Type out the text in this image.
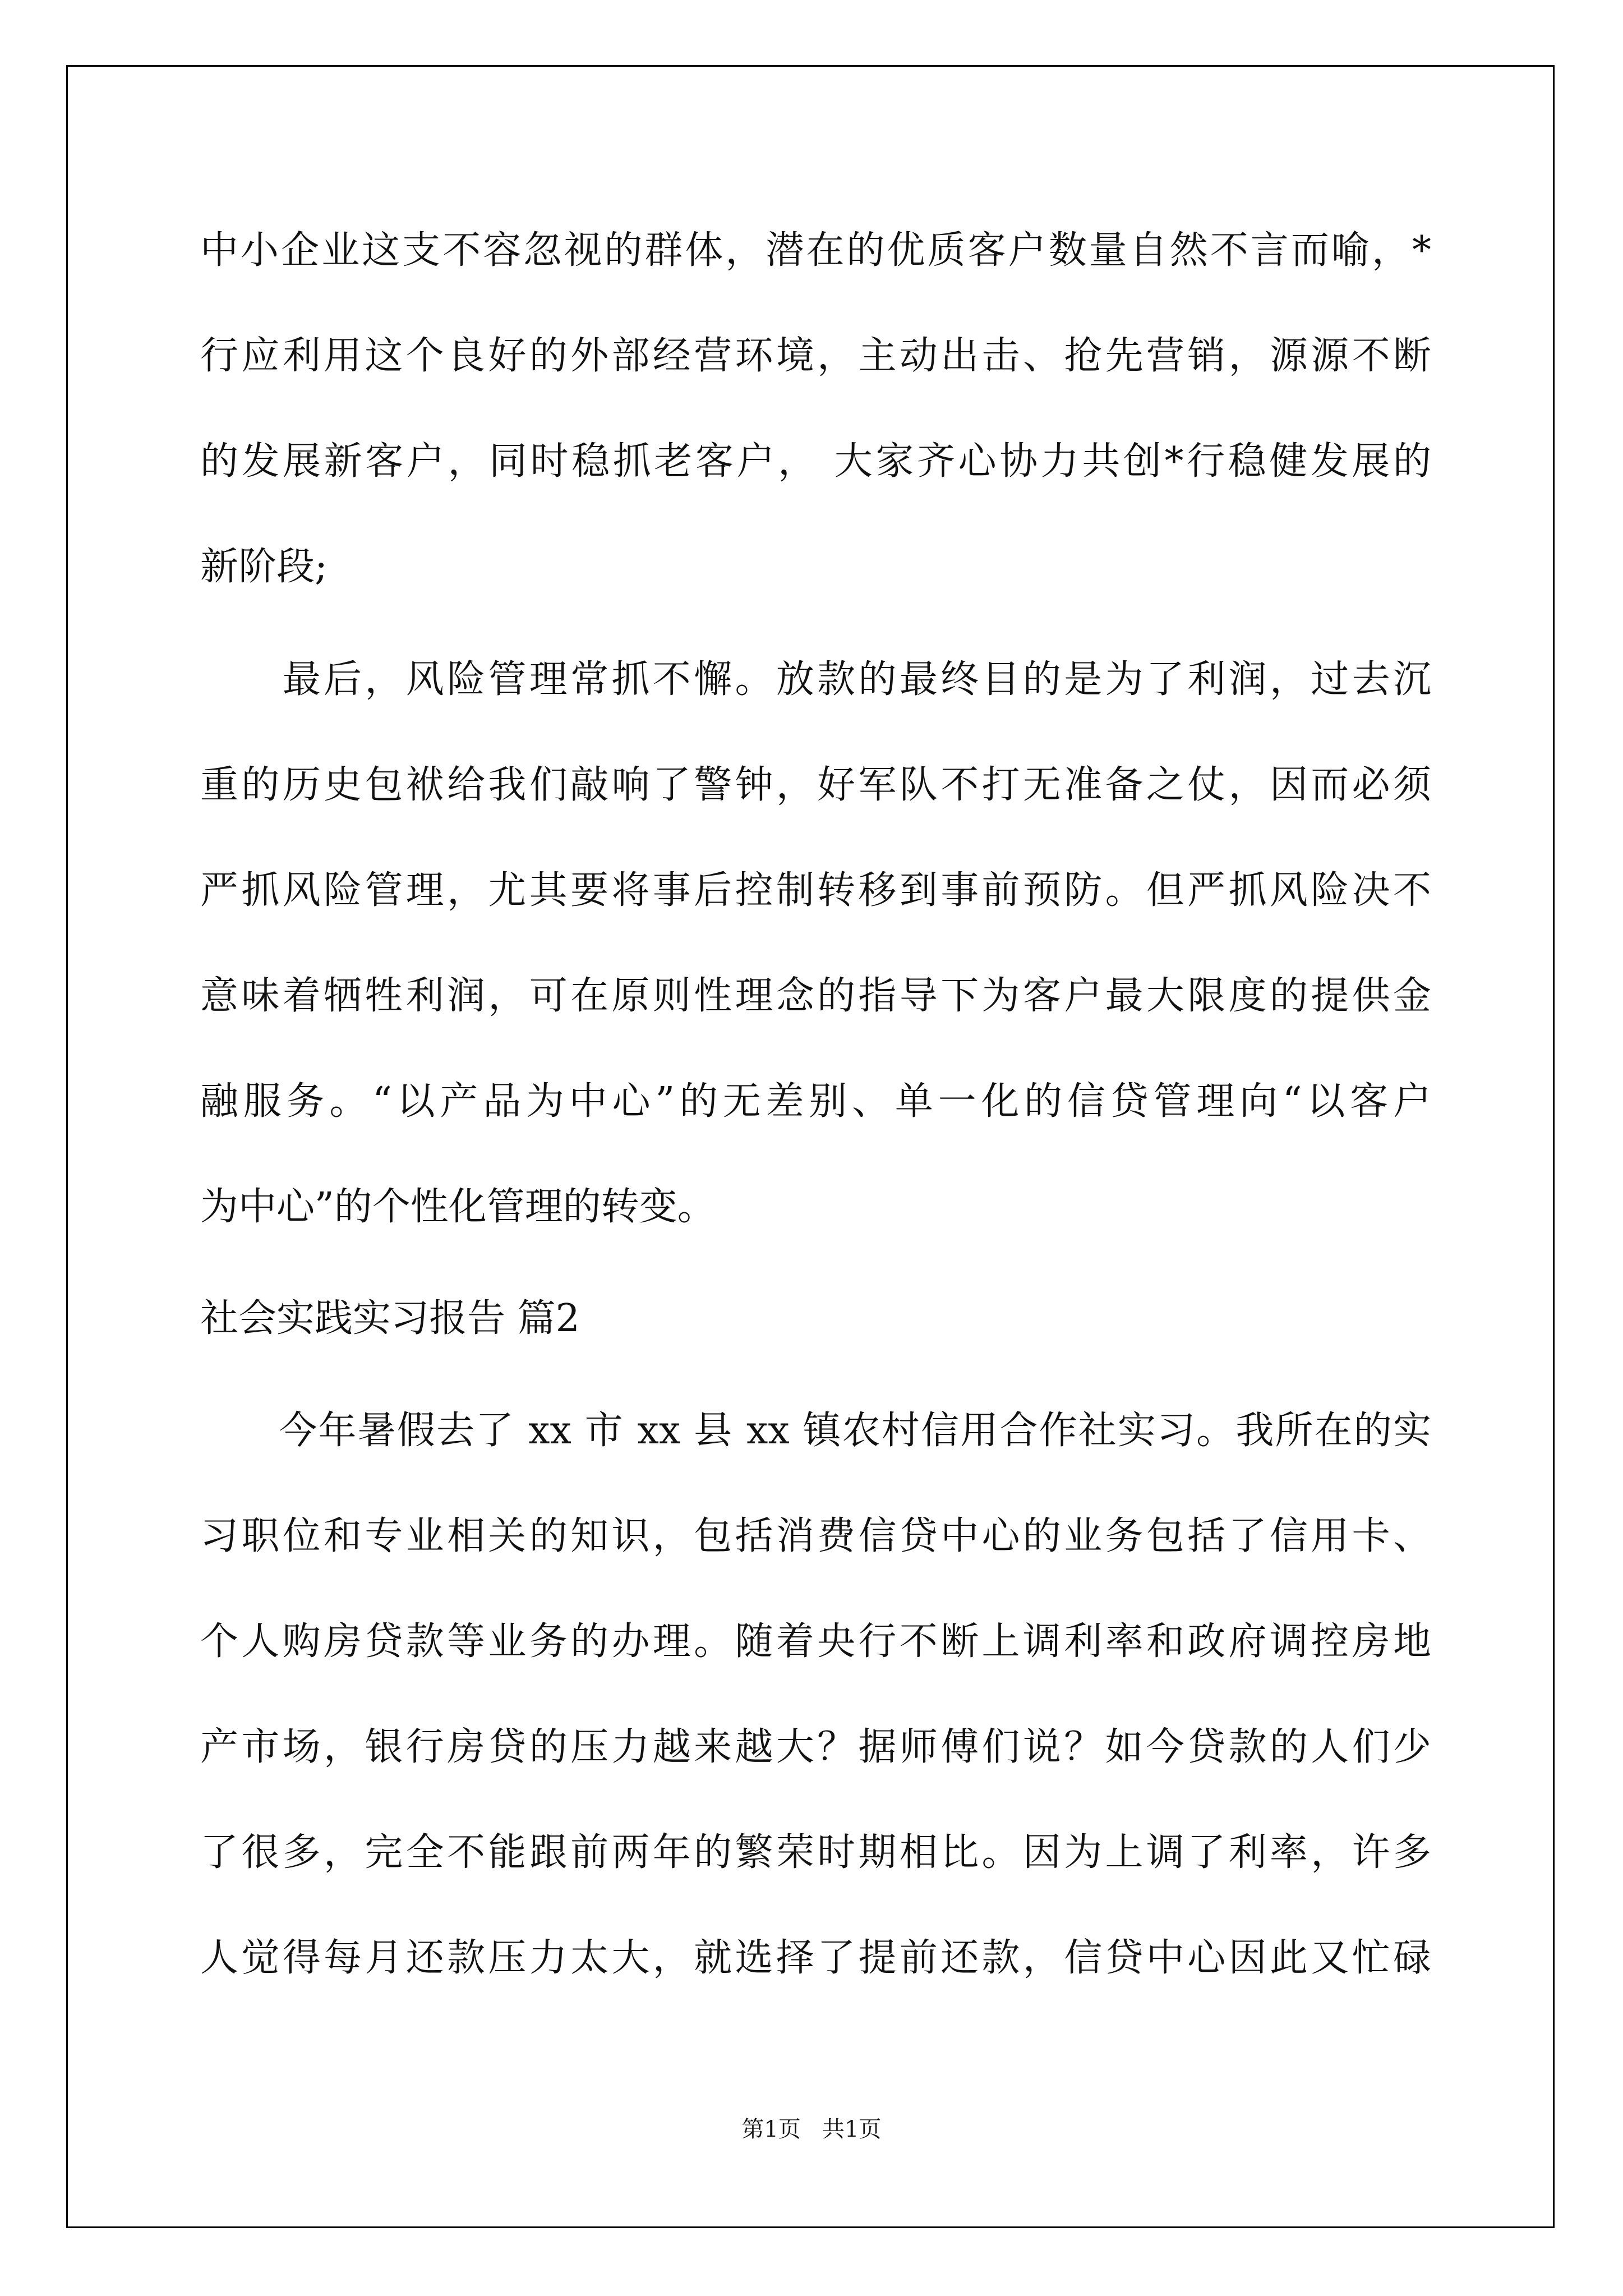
中小企业这支不容忽视的群体，潜在的优质客户数量自然不言而喻，*
行应利用这个良好的外部经营环境，主动出击、抢先营销，源源不断
的发展新客户，同时稳抓老客户， 大家齐心协力共创*行稳健发展的
新阶段;
　　最后，风险管理常抓不懈。放款的最终目的是为了利润，过去沉
重的历史包袱给我们敲响了警钟，好军队不打无准备之仗，因而必须
严抓风险管理，尤其要将事后控制转移到事前预防。但严抓风险决不
意味着牺牲利润，可在原则性理念的指导下为客户最大限度的提供金
融服务。“以产品为中心”的无差别、单一化的信贷管理向“以客户
为中心”的个性化管理的转变。
社会实践实习报告 篇2
　　今年暑假去了 xx 市 xx 县 xx 镇农村信用合作社实习。我所在的实
习职位和专业相关的知识，包括消费信贷中心的业务包括了信用卡、
个人购房贷款等业务的办理。随着央行不断上调利率和政府调控房地
产市场，银行房贷的压力越来越大？据师傅们说？如今贷款的人们少
了很多，完全不能跟前两年的繁荣时期相比。因为上调了利率，许多
人觉得每月还款压力太大，就选择了提前还款，信贷中心因此又忙碌
第1页   共1页
